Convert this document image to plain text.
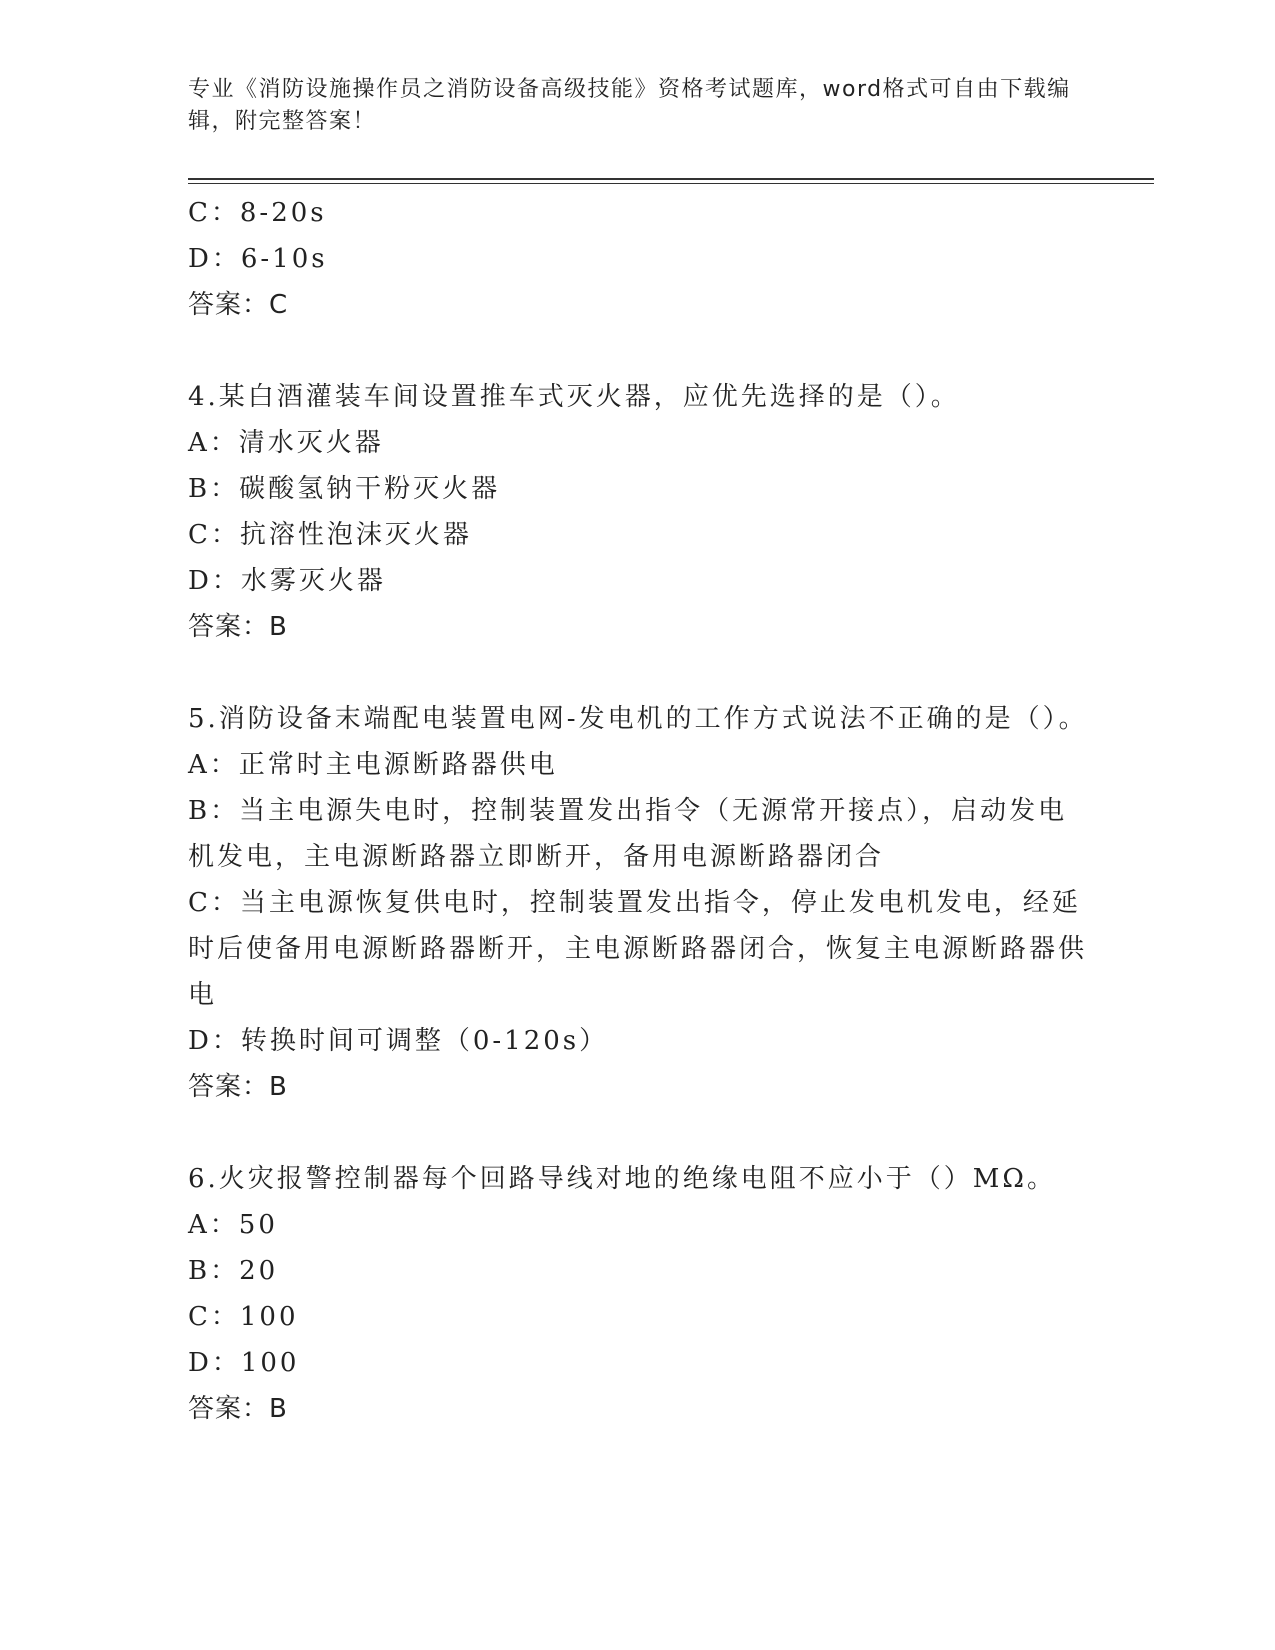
专业《消防设施操作员之消防设备高级技能》资格考试题库，word格式可自由下载编辑，附完整答案！
C：8-20s
D：6-10s
答案：C
4.某白酒灌装车间设置推车式灭火器，应优先选择的是（）。
A：清水灭火器
B：碳酸氢钠干粉灭火器
C：抗溶性泡沫灭火器
D：水雾灭火器
答案：B
5.消防设备末端配电装置电网-发电机的工作方式说法不正确的是（）。
A：正常时主电源断路器供电
B：当主电源失电时，控制装置发出指令（无源常开接点），启动发电机发电，主电源断路器立即断开，备用电源断路器闭合
C：当主电源恢复供电时，控制装置发出指令，停止发电机发电，经延时后使备用电源断路器断开，主电源断路器闭合，恢复主电源断路器供电
D：转换时间可调整（0-120s）
答案：B
6.火灾报警控制器每个回路导线对地的绝缘电阻不应小于（）MΩ。
A：50
B：20
C：100
D：100
答案：B
